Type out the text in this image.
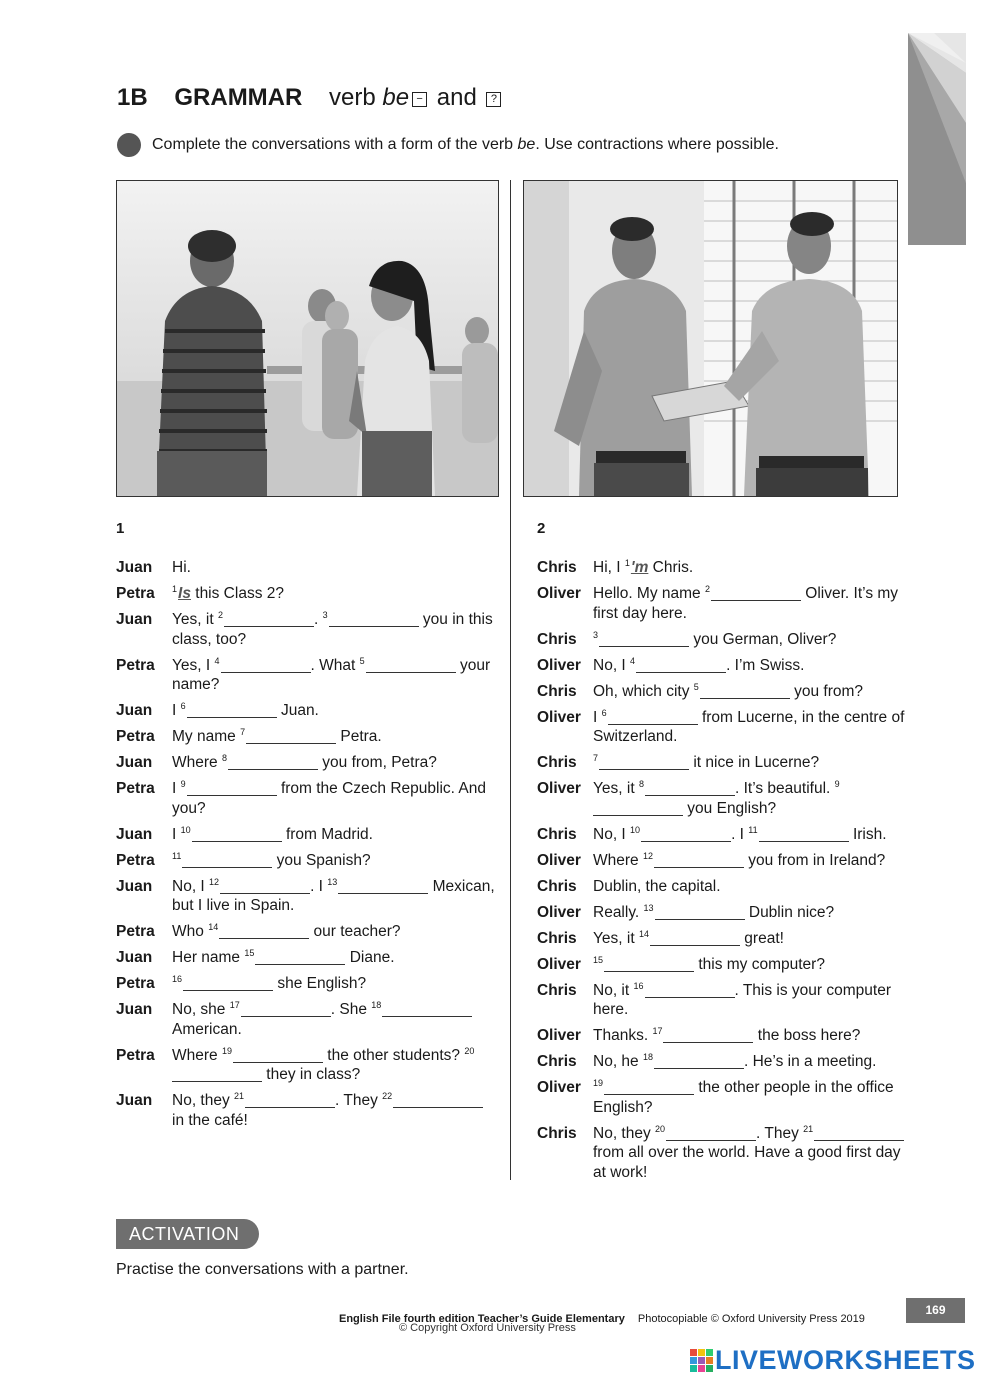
1B GRAMMAR verb be − and ?
Complete the conversations with a form of the verb be. Use contractions where possible.
1	2
Juan	Hi.
Petra	$^1$Is this Class 2?
Juan	Yes, it $^2$	. $^3$	you in this class, too?
Petra	Yes, I $^4$	. What $^5$	your name?
Juan	I $^6$	Juan.
Petra	My name $^7$	Petra.
Juan	Where $^8$	you from, Petra?
Petra	I $^9$	from the Czech Republic. And you?
Juan	I $^{10}$	from Madrid.
Petra	$^{11}$	you Spanish?
Juan	No, I $^{12}$	. I $^{13}$	Mexican, but I live in Spain.
Petra	Who $^{14}$	our teacher?
Juan	Her name $^{15}$	Diane.
Petra	$^{16}$	she English?
Juan	No, she $^{17}$	. She $^{18}$ American.
Petra	Where $^{19}$	the other students? $^{20}$ they in class?
Juan	No, they $^{21}$	. They $^{22}$ in the café!
Chris	Hi, I $^1$'m Chris.
Oliver Hello. My name $^2$	Oliver. It’s my first day here.
Chris	$^3$	you German, Oliver?
Oliver No, I $^4$	. I’m Swiss.
Chris	Oh, which city $^5$	you from?
Oliver I $^6$	from Lucerne, in the centre of Switzerland.
Chris	$^7$	it nice in Lucerne?
Oliver Yes, it $^8$	. It’s beautiful. $^9$ you English?
Chris	No, I $^{10}$	. I $^{11}$	Irish.
Oliver Where $^{12}$	you from in Ireland?
Chris	Dublin, the capital.
Oliver Really. $^{13}$	Dublin nice?
Chris	Yes, it $^{14}$	great!
Oliver	$^{15}$	this my computer?
Chris	No, it $^{16}$	. This is your computer here.
Oliver Thanks. $^{17}$	the boss here?
Chris	No, he $^{18}$	. He’s in a meeting.
Oliver	$^{19}$	the other people in the office English?
Chris	No, they $^{20}$	. They $^{21}$ from all over the world. Have a good first day at work!
ACTIVATION
Practise the conversations with a partner.
English File fourth edition Teacher’s Guide Elementary Photocopiable © Oxford University Press 2019
© Copyright Oxford University Press
169
LIVEWORKSHEETS
